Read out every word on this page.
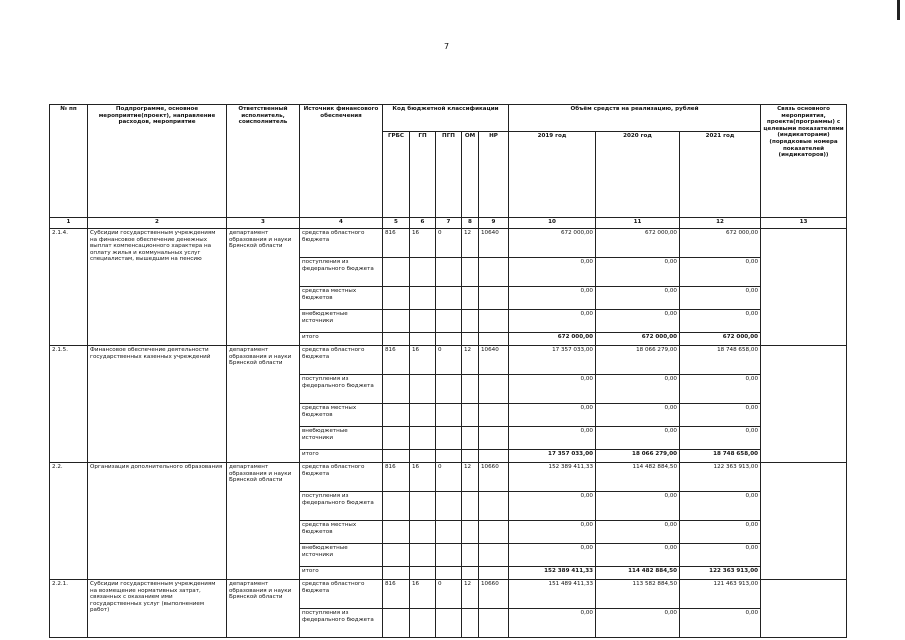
7
№ пп	Подпрограмме, основное мероприятие(проект), направление расходов, мероприятие	Ответственный исполнитель, соисполнитель	Источник финансового обеспечения	Код бюджетной классификации					Объём средств на реализацию, рублей			Связь основного мероприятия, проекта(программы) с целевыми показателями (индикаторами) (порядковые номера показателей (индикаторов))
				ГРБС	ГП	ПГП	ОМ	НР	2019 год	2020 год	2021 год	
1	2	3	4	5	6	7	8	9	10	11	12	13
2.1.4.	Субсидии государственным учреждениям на финансовое обеспечение денежных выплат компенсационного характера на оплату жилья и коммунальных услуг специалистам, вышедшим на пенсию	департамент образования и науки Брянской области	средства областного бюджета	816	16	0	12	10640	672 000,00	672 000,00	672 000,00	
			поступления из федерального бюджета						0,00	0,00	0,00	
			средства местных бюджетов						0,00	0,00	0,00	
			внебюджетные источники						0,00	0,00	0,00	
			итого						672 000,00	672 000,00	672 000,00	
2.1.5.	Финансовое обеспечение деятельности государственных казенных учреждений	департамент образования и науки Брянской области	средства областного бюджета	816	16	0	12	10640	17 357 033,00	18 066 279,00	18 748 658,00	
			поступления из федерального бюджета						0,00	0,00	0,00	
			средства местных бюджетов						0,00	0,00	0,00	
			внебюджетные источники						0,00	0,00	0,00	
			итого						17 357 033,00	18 066 279,00	18 748 658,00	
2.2.	Организация дополнительного образования	департамент образования и науки Брянской области	средства областного бюджета	816	16	0	12	10660	152 389 411,33	114 482 884,50	122 363 913,00	
			поступления из федерального бюджета						0,00	0,00	0,00	
			средства местных бюджетов						0,00	0,00	0,00	
			внебюджетные источники						0,00	0,00	0,00	
			итого						152 389 411,33	114 482 884,50	122 363 913,00	
2.2.1.	Субсидии государственным учреждениям на возмещение нормативных затрат, связанных с оказанием ими государственных услуг (выполнением работ)	департамент образования и науки Брянской области	средства областного бюджета	816	16	0	12	10660	151 489 411,33	113 582 884,50	121 463 913,00	
			поступления из федерального бюджета						0,00	0,00	0,00	
